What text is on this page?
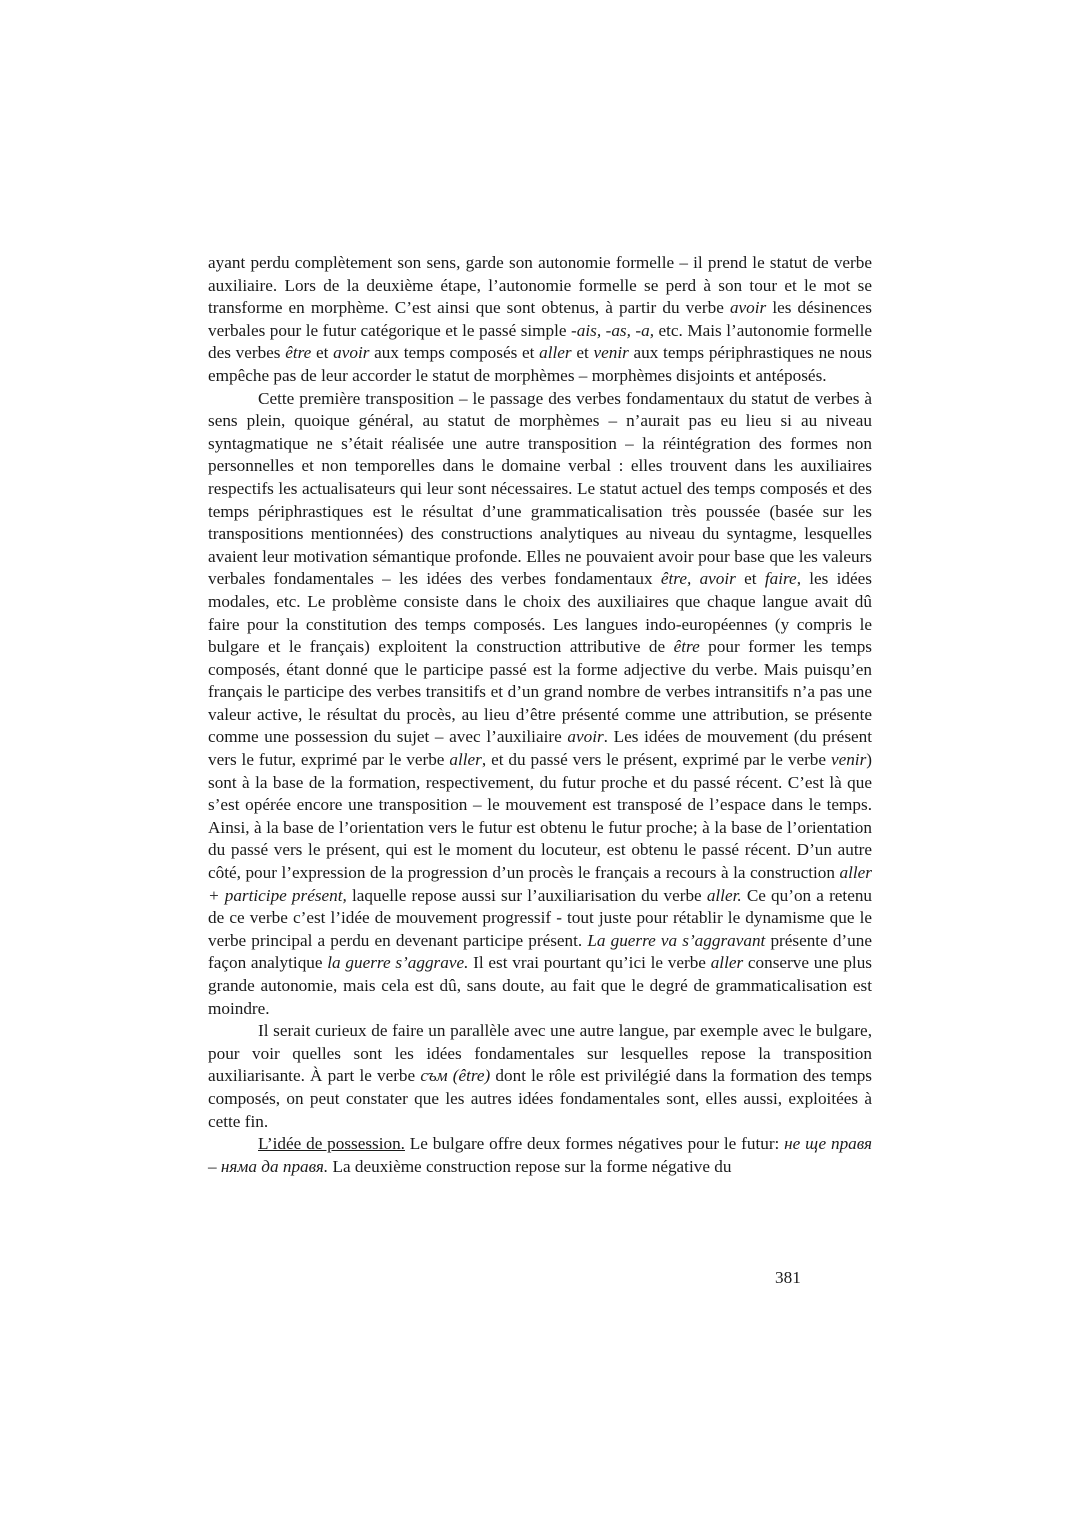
ayant perdu complètement son sens, garde son autonomie formelle – il prend le statut de verbe auxiliaire. Lors de la deuxième étape, l’autonomie formelle se perd à son tour et le mot se transforme en morphème. C’est ainsi que sont obtenus, à partir du verbe avoir les désinences verbales pour le futur catégorique et le passé simple -ais, -as, -a, etc. Mais l’autonomie formelle des verbes être et avoir aux temps composés et aller et venir aux temps périphrastiques ne nous empêche pas de leur accorder le statut de morphèmes – morphèmes disjoints et antéposés.

Cette première transposition – le passage des verbes fondamentaux du statut de verbes à sens plein, quoique général, au statut de morphèmes – n’aurait pas eu lieu si au niveau syntagmatique ne s’était réalisée une autre transposition – la réintégration des formes non personnelles et non temporelles dans le domaine verbal : elles trouvent dans les auxiliaires respectifs les actualisateurs qui leur sont nécessaires. Le statut actuel des temps composés et des temps périphrastiques est le résultat d’une grammaticalisation très poussée (basée sur les transpositions mentionnées) des constructions analytiques au niveau du syntagme, lesquelles avaient leur motivation sémantique profonde. Elles ne pouvaient avoir pour base que les valeurs verbales fondamentales – les idées des verbes fondamentaux être, avoir et faire, les idées modales, etc. Le problème consiste dans le choix des auxiliaires que chaque langue avait dû faire pour la constitution des temps composés. Les langues indo-européennes (y compris le bulgare et le français) exploitent la construction attributive de être pour former les temps composés, étant donné que le participe passé est la forme adjective du verbe. Mais puisqu’en français le participe des verbes transitifs et d’un grand nombre de verbes intransitifs n’a pas une valeur active, le résultat du procès, au lieu d’être présenté comme une attribution, se présente comme une possession du sujet – avec l’auxiliaire avoir. Les idées de mouvement (du présent vers le futur, exprimé par le verbe aller, et du passé vers le présent, exprimé par le verbe venir) sont à la base de la formation, respectivement, du futur proche et du passé récent. C’est là que s’est opérée encore une transposition – le mouvement est transposé de l’espace dans le temps. Ainsi, à la base de l’orientation vers le futur est obtenu le futur proche; à la base de l’orientation du passé vers le présent, qui est le moment du locuteur, est obtenu le passé récent. D’un autre côté, pour l’expression de la progression d’un procès le français a recours à la construction aller + participe présent, laquelle repose aussi sur l’auxiliarisation du verbe aller. Ce qu’on a retenu de ce verbe c’est l’idée de mouvement progressif - tout juste pour rétablir le dynamisme que le verbe principal a perdu en devenant participe présent. La guerre va s’aggravant présente d’une façon analytique la guerre s’aggrave. Il est vrai pourtant qu’ici le verbe aller conserve une plus grande autonomie, mais cela est dû, sans doute, au fait que le degré de grammaticalisation est moindre.

Il serait curieux de faire un parallèle avec une autre langue, par exemple avec le bulgare, pour voir quelles sont les idées fondamentales sur lesquelles repose la transposition auxiliarisante. À part le verbe съм (être) dont le rôle est privilégié dans la formation des temps composés, on peut constater que les autres idées fondamentales sont, elles aussi, exploitées à cette fin.

L’idée de possession. Le bulgare offre deux formes négatives pour le futur: не ще правя – няма да правя. La deuxième construction repose sur la forme négative du

381
